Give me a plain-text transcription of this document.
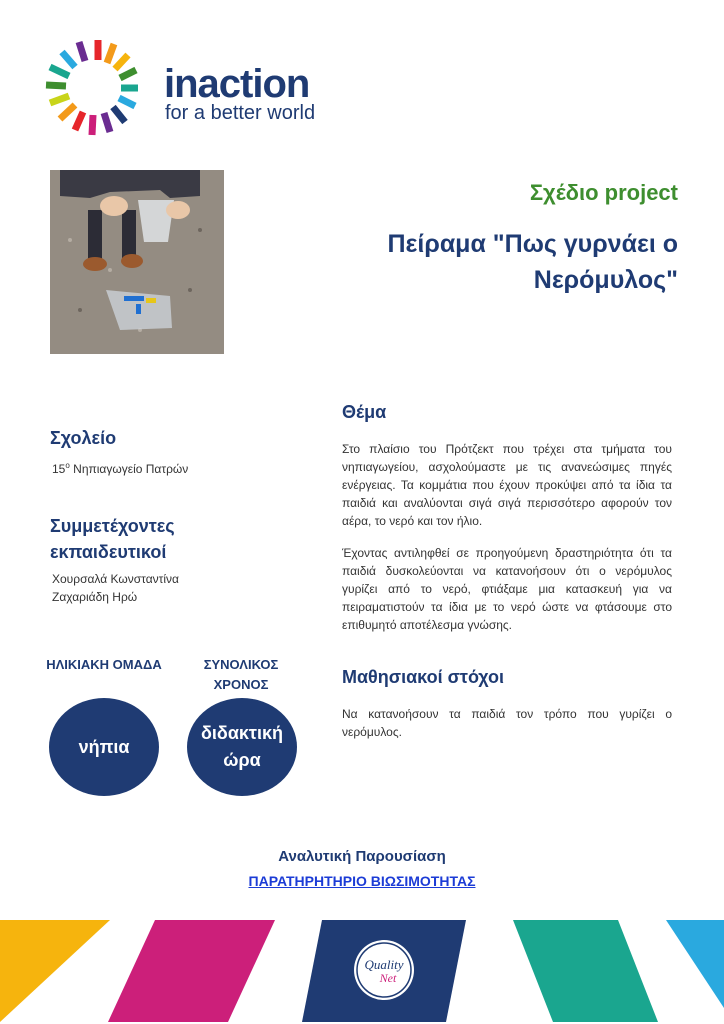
inaction
for a better world
Σχέδιο project
Πείραμα "Πως γυρνάει ο Νερόμυλος"
Σχολείο
$15^o$ Νηπιαγωγείο Πατρών
Συμμετέχοντες εκπαιδευτικοί
Χουρσαλά Κωνσταντίνα
Ζαχαριάδη Ηρώ
ΗΛΙΚΙΑΚΗ ΟΜΑΔΑ	ΣΥΝΟΛΙΚΟΣ ΧΡΟΝΟΣ
νήπια
διδακτική ώρα
Θέμα
Στο πλαίσιο του Πρότζεκτ που τρέχει στα τμήματα του νηπιαγωγείου, ασχολούμαστε με τις ανανεώσιμες πηγές ενέργειας. Τα κομμάτια που έχουν προκύψει από τα ίδια τα παιδιά και αναλύονται σιγά σιγά περισσότερο αφορούν τον αέρα, το νερό και τον ήλιο.
Έχοντας αντιληφθεί σε προηγούμενη δραστηριότητα ότι τα παιδιά δυσκολεύονται να κατανοήσουν ότι ο νερόμυλος γυρίζει από το νερό, φτιάξαμε μια κατασκευή για να πειραματιστούν τα ίδια με το νερό ώστε να φτάσουμε στο επιθυμητό αποτέλεσμα γνώσης.
Μαθησιακοί στόχοι
Να κατανοήσουν τα παιδιά τον τρόπο που γυρίζει ο νερόμυλος.
Αναλυτική Παρουσίαση
ΠΑΡΑΤΗΡΗΤΗΡΙΟ ΒΙΩΣΙΜΟΤΗΤΑΣ
Quality
Net
